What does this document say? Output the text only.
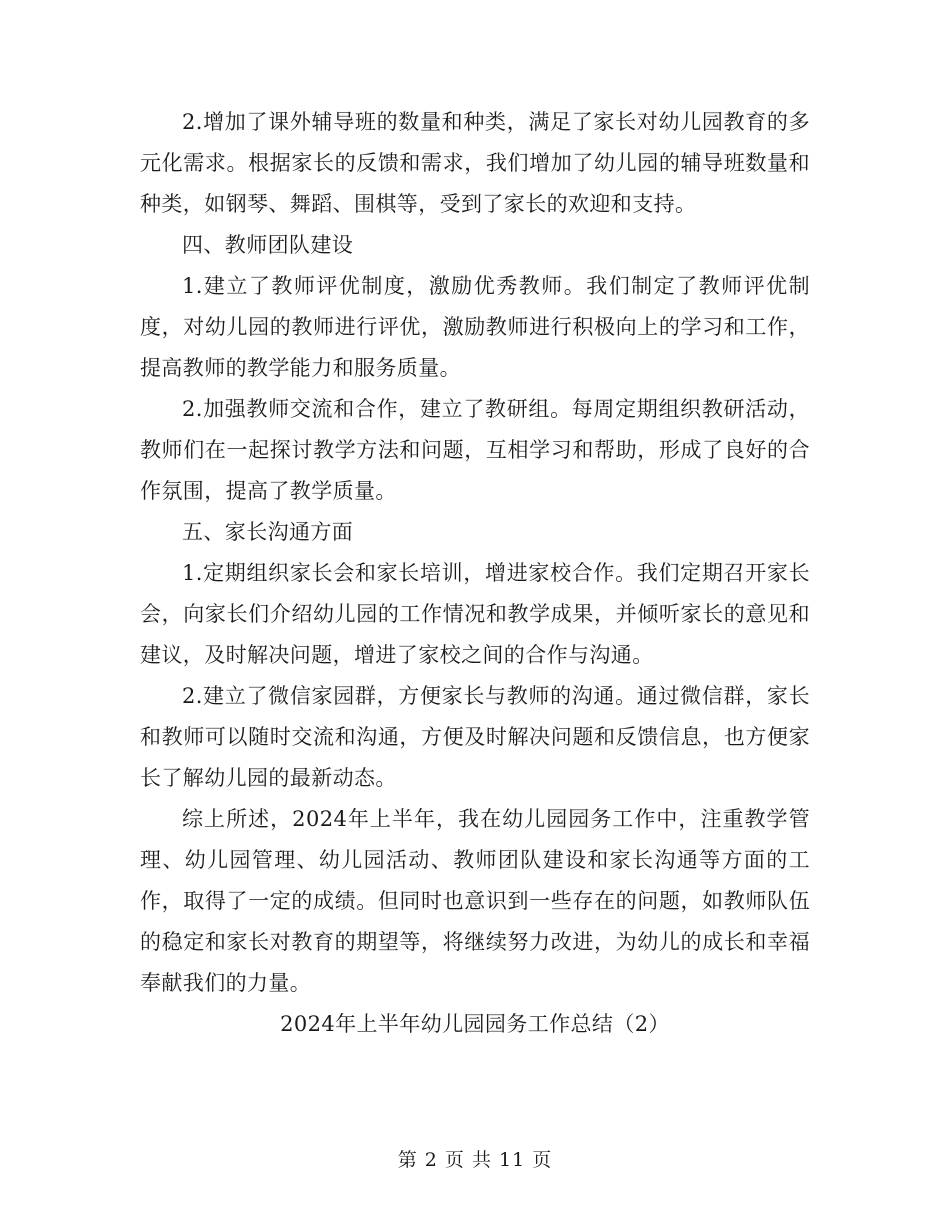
2.增加了课外辅导班的数量和种类，满足了家长对幼儿园教育的多元化需求。根据家长的反馈和需求，我们增加了幼儿园的辅导班数量和种类，如钢琴、舞蹈、围棋等，受到了家长的欢迎和支持。

四、教师团队建设

1.建立了教师评优制度，激励优秀教师。我们制定了教师评优制度，对幼儿园的教师进行评优，激励教师进行积极向上的学习和工作，提高教师的教学能力和服务质量。

2.加强教师交流和合作，建立了教研组。每周定期组织教研活动，教师们在一起探讨教学方法和问题，互相学习和帮助，形成了良好的合作氛围，提高了教学质量。

五、家长沟通方面

1.定期组织家长会和家长培训，增进家校合作。我们定期召开家长会，向家长们介绍幼儿园的工作情况和教学成果，并倾听家长的意见和建议，及时解决问题，增进了家校之间的合作与沟通。

2.建立了微信家园群，方便家长与教师的沟通。通过微信群，家长和教师可以随时交流和沟通，方便及时解决问题和反馈信息，也方便家长了解幼儿园的最新动态。

综上所述，2024年上半年，我在幼儿园园务工作中，注重教学管理、幼儿园管理、幼儿园活动、教师团队建设和家长沟通等方面的工作，取得了一定的成绩。但同时也意识到一些存在的问题，如教师队伍的稳定和家长对教育的期望等，将继续努力改进，为幼儿的成长和幸福奉献我们的力量。

2024年上半年幼儿园园务工作总结（2）

第 2 页 共 11 页
